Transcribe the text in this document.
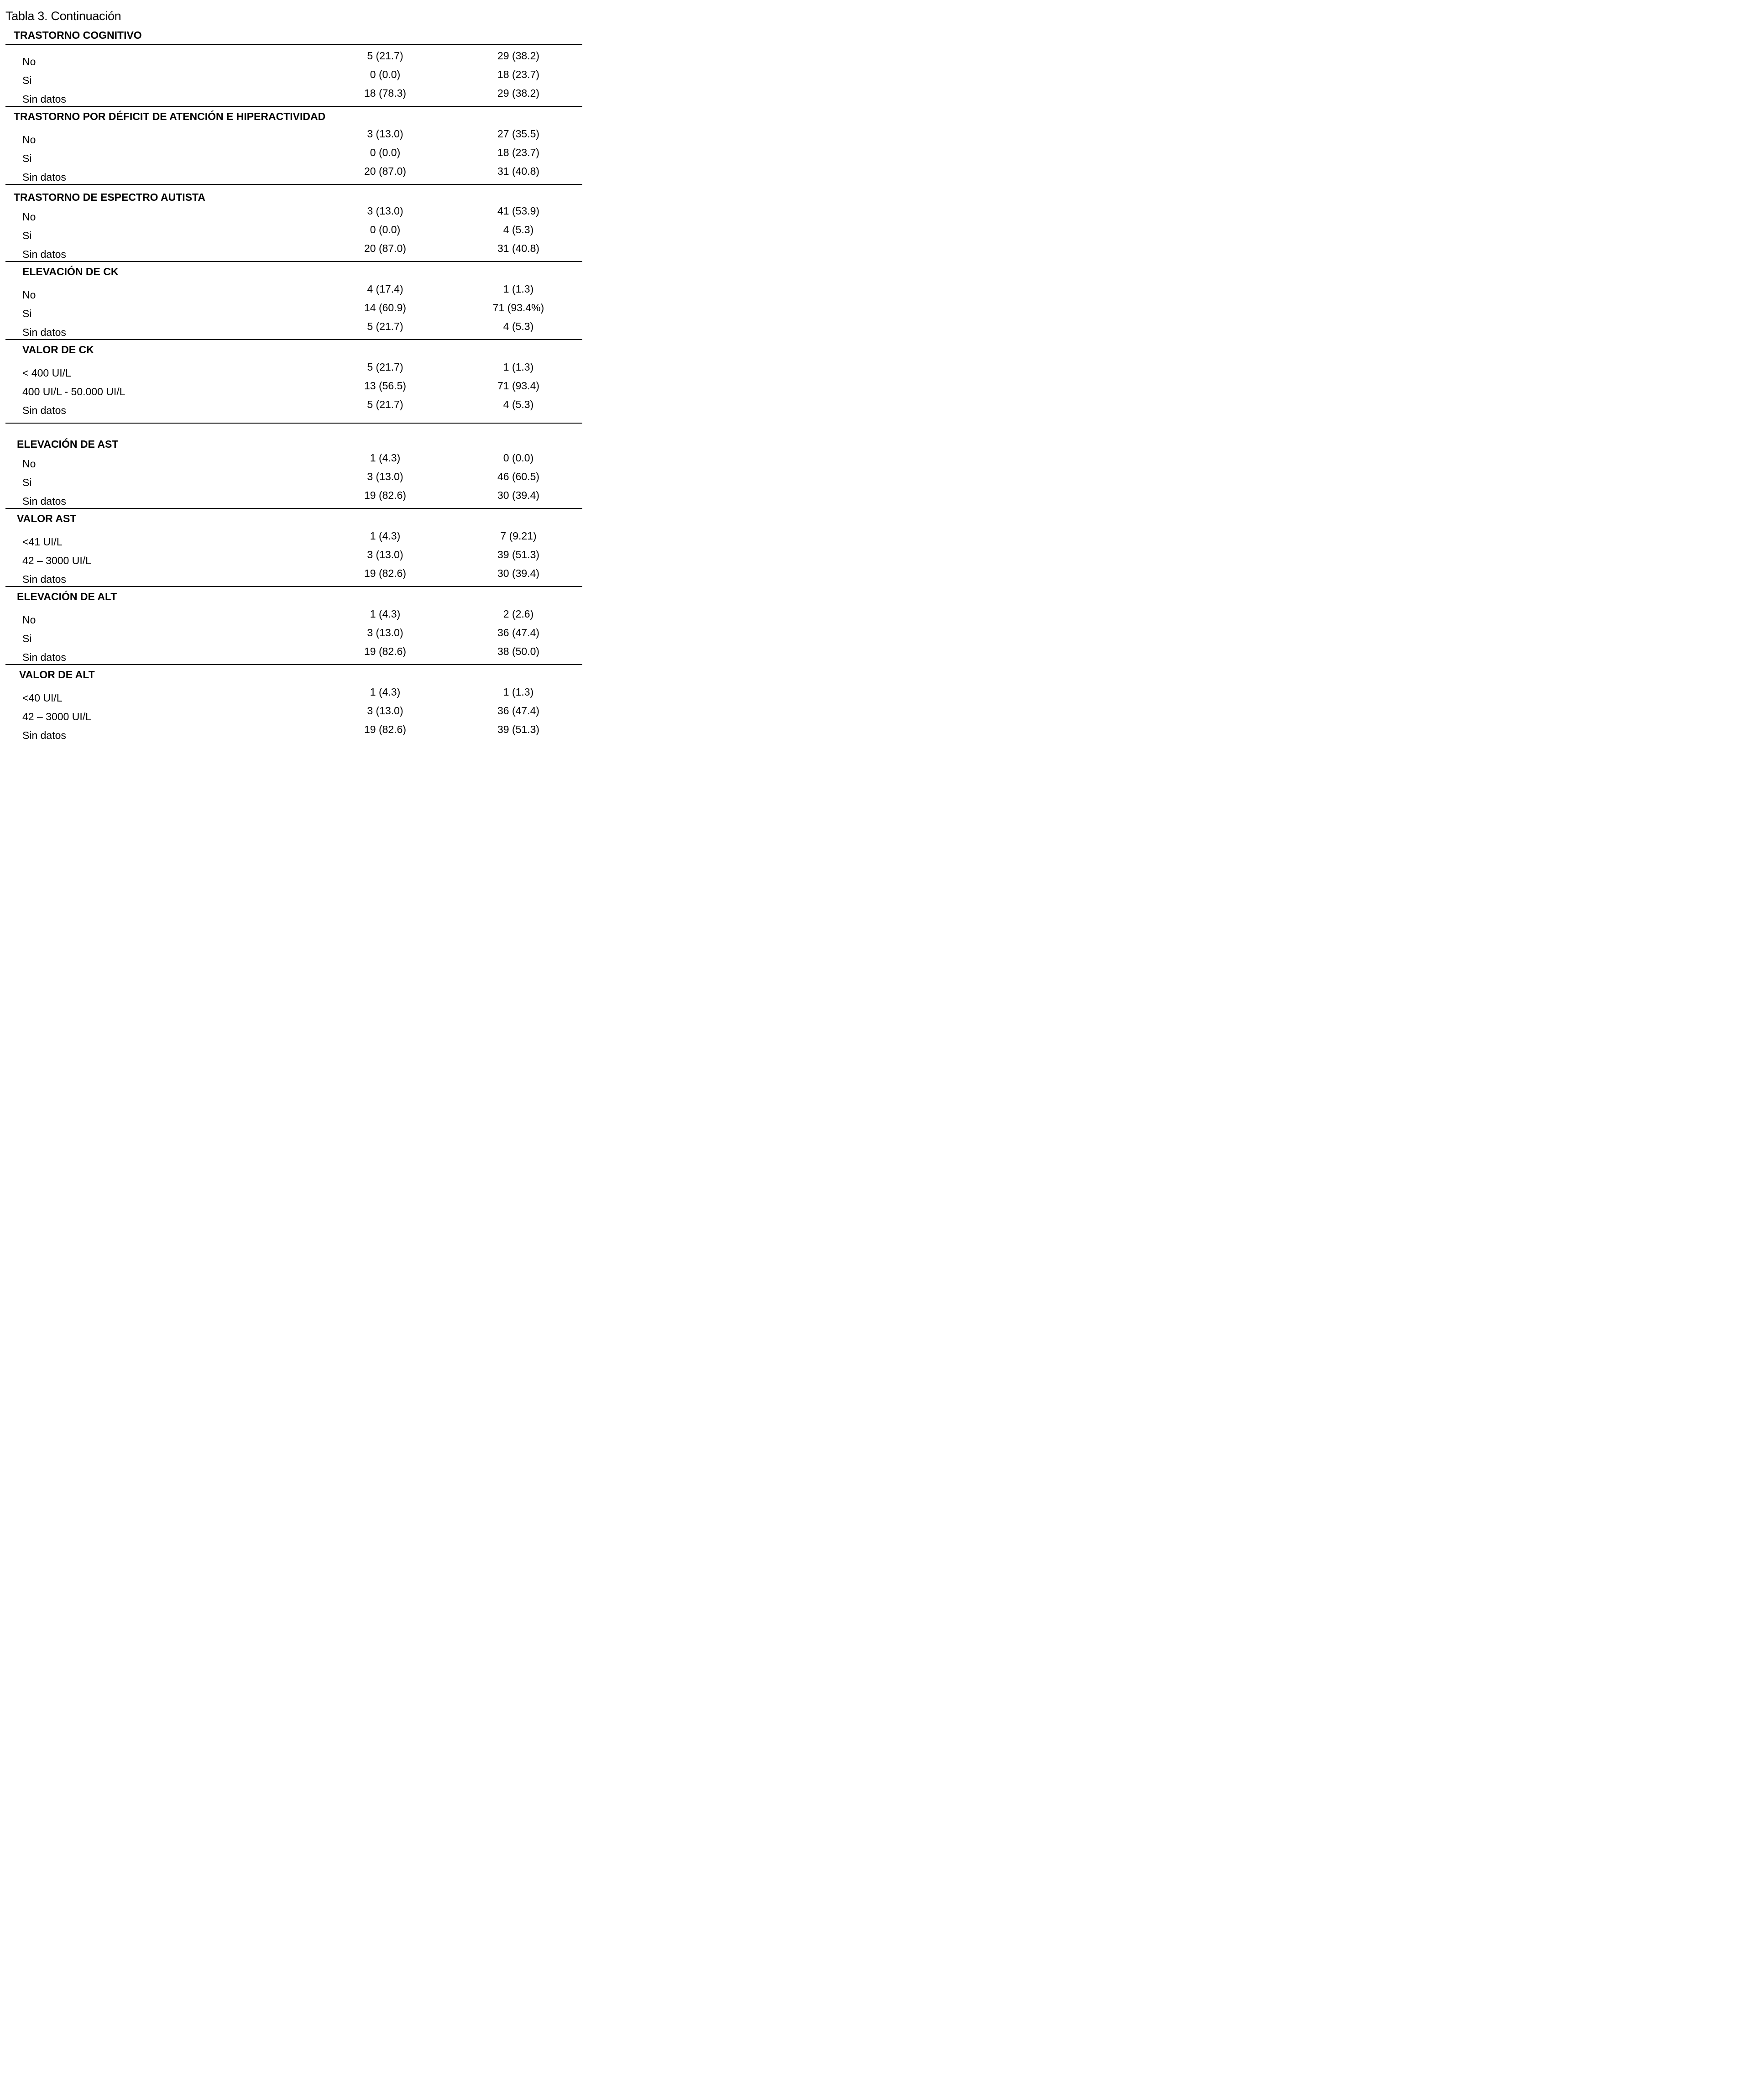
Tabla 3. Continuación
TRASTORNO COGNITIVO
No	5 (21.7)	29 (38.2)
Si	0 (0.0)	18 (23.7)
Sin datos	18 (78.3)	29 (38.2)
TRASTORNO POR DÉFICIT DE ATENCIÓN E HIPERACTIVIDAD
No	3 (13.0)	27 (35.5)
Si	0 (0.0)	18 (23.7)
Sin datos	20 (87.0)	31 (40.8)
TRASTORNO DE ESPECTRO AUTISTA
No	3 (13.0)	41 (53.9)
Si	0 (0.0)	4 (5.3)
Sin datos	20 (87.0)	31 (40.8)
ELEVACIÓN DE CK
No	4 (17.4)	1 (1.3)
Si	14 (60.9)	71 (93.4%)
Sin datos	5 (21.7)	4 (5.3)
VALOR DE CK
< 400 UI/L	5 (21.7)	1 (1.3)
400 UI/L - 50.000 UI/L	13 (56.5)	71 (93.4)
Sin datos	5 (21.7)	4 (5.3)
ELEVACIÓN DE AST
No	1 (4.3)	0 (0.0)
Si	3 (13.0)	46 (60.5)
Sin datos	19 (82.6)	30 (39.4)
VALOR AST
<41 UI/L	1 (4.3)	7 (9.21)
42 – 3000 UI/L	3 (13.0)	39 (51.3)
Sin datos	19 (82.6)	30 (39.4)
ELEVACIÓN DE ALT
No	1 (4.3)	2 (2.6)
Si	3 (13.0)	36 (47.4)
Sin datos	19 (82.6)	38 (50.0)
VALOR DE ALT
<40 UI/L	1 (4.3)	1 (1.3)
42 – 3000 UI/L	3 (13.0)	36 (47.4)
Sin datos	19 (82.6)	39 (51.3)
